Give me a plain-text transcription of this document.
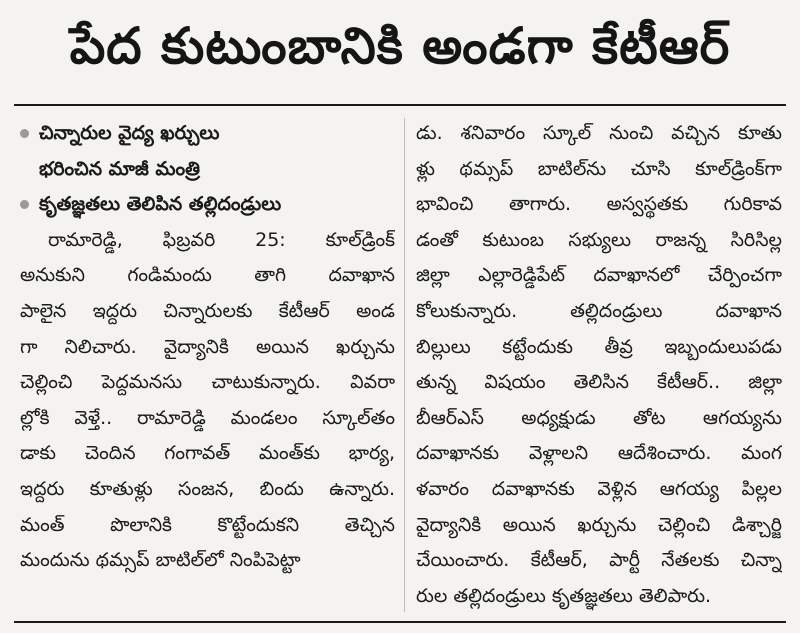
పేద కుటుంబానికి అండగా కేటీఆర్
చిన్నారుల వైద్య ఖర్చులు
భరించిన మాజీ మంత్రి
కృతజ్ఞతలు తెలిపిన తల్లిదండ్రులు
రామారెడ్డి, ఫిబ్రవరి 25: కూల్‌డ్రింక్
అనుకుని గండిమందు తాగి దవాఖాన
పాలైన ఇద్దరు చిన్నారులకు కేటీఆర్ అండ
గా నిలిచారు. వైద్యానికి అయిన ఖర్చును
చెల్లించి పెద్దమనసు చాటుకున్నారు. వివరా
ల్లోకి వెళ్తే.. రామారెడ్డి మండలం స్కూల్‌తం
డాకు చెందిన గంగావత్ మంత్‌కు భార్య,
ఇద్దరు కూతుళ్లు సంజన, బిందు ఉన్నారు.
మంత్ పొలానికి కొట్టేందుకని తెచ్చిన
మందును థమ్సప్ బాటిల్‌లో నింపిపెట్టా
డు. శనివారం స్కూల్ నుంచి వచ్చిన కూతు
ళ్లు థమ్సప్ బాటిల్‌ను చూసి కూల్‌డ్రింక్‌గా
భావించి తాగారు. అస్వస్థతకు గురికావ
డంతో కుటుంబ సభ్యులు రాజన్న సిరిసిల్ల
జిల్లా ఎల్లారెడ్డిపేట్ దవాఖానలో చేర్పించగా
కోలుకున్నారు. తల్లిదండ్రులు దవాఖాన
బిల్లులు కట్టేందుకు తీవ్ర ఇబ్బందులుపడు
తున్న విషయం తెలిసిన కేటీఆర్.. జిల్లా
బీఆర్‌ఎస్ అధ్యక్షుడు తోట ఆగయ్యను
దవాఖానకు వెళ్లాలని ఆదేశించారు. మంగ
ళవారం దవాఖానకు వెళ్లిన ఆగయ్య పిల్లల
వైద్యానికి అయిన ఖర్చును చెల్లించి డిశ్చార్జి
చేయించారు. కేటీఆర్, పార్టీ నేతలకు చిన్నా
రుల తల్లిదండ్రులు కృతజ్ఞతలు తెలిపారు.
